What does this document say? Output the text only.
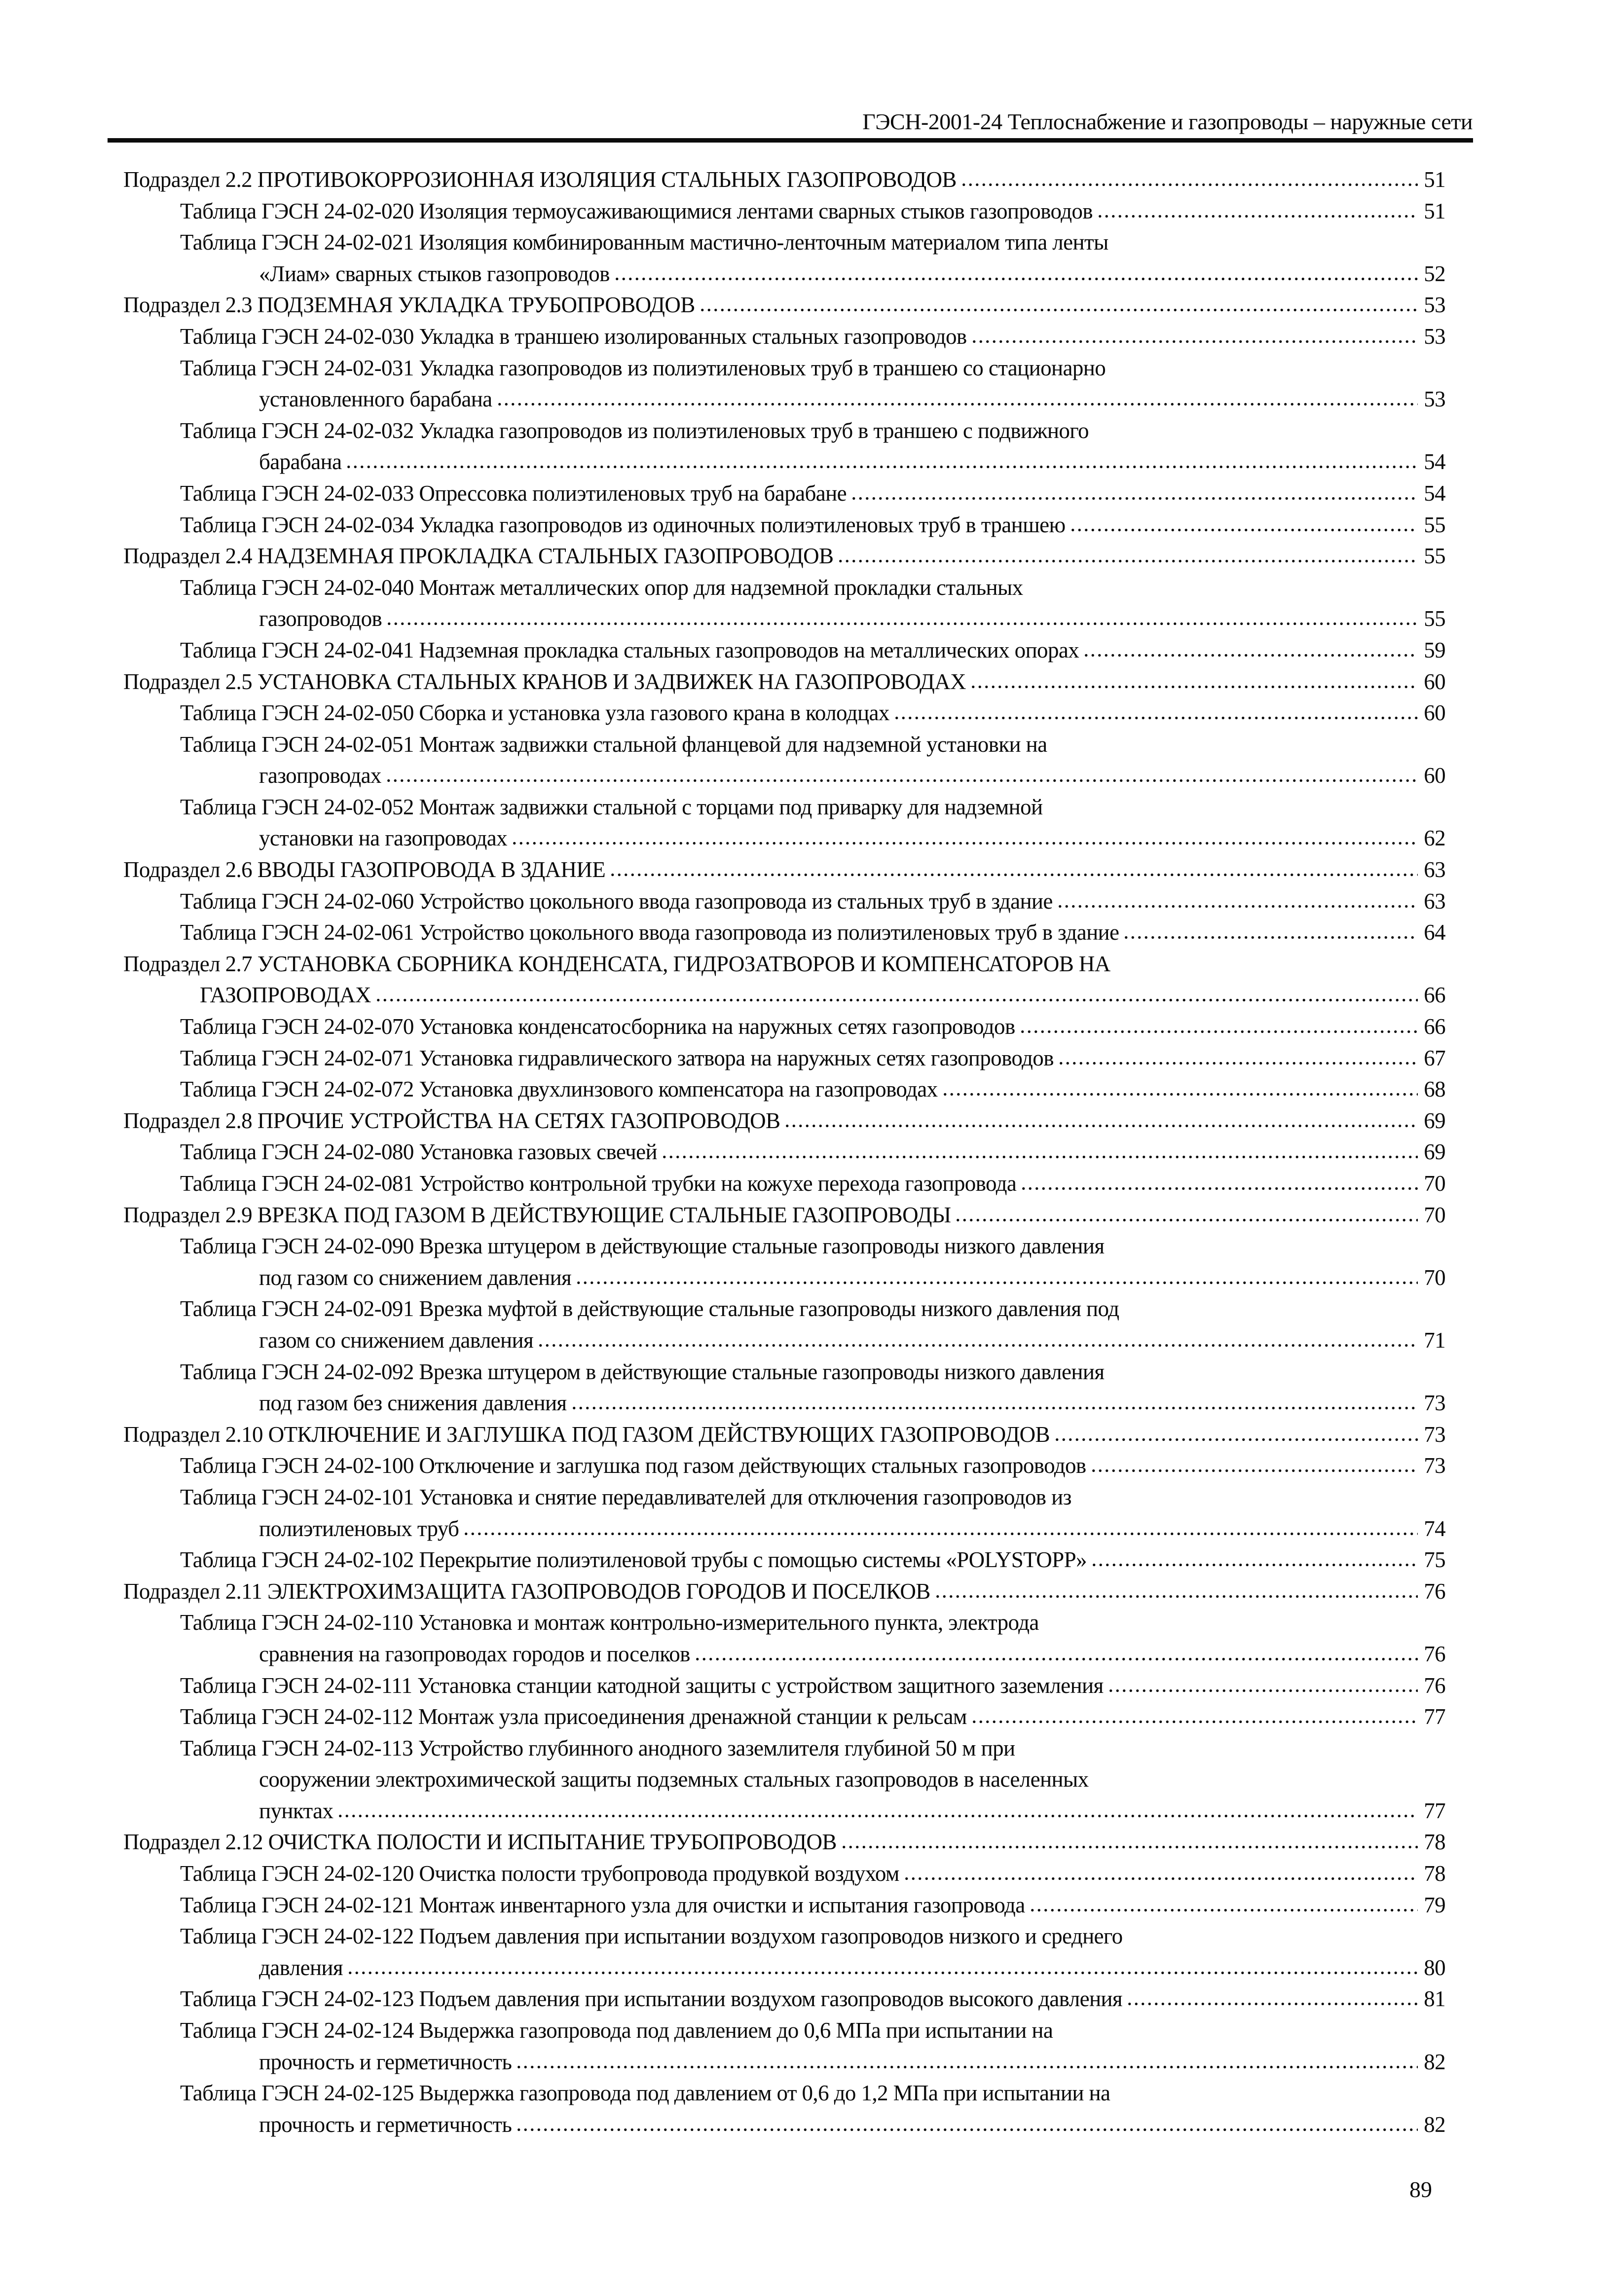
ГЭСН-2001-24 Теплоснабжение и газопроводы – наружные сети
Подраздел 2.2 ПРОТИВОКОРРОЗИОННАЯ ИЗОЛЯЦИЯ СТАЛЬНЫХ ГАЗОПРОВОДОВ	51
Таблица ГЭСН 24-02-020 Изоляция термоусаживающимися лентами сварных стыков газопроводов	51
Таблица ГЭСН 24-02-021 Изоляция комбинированным мастично-ленточным материалом типа ленты
«Лиам» сварных стыков газопроводов	52
Подраздел 2.3 ПОДЗЕМНАЯ УКЛАДКА ТРУБОПРОВОДОВ	53
Таблица ГЭСН 24-02-030 Укладка в траншею изолированных стальных газопроводов	53
Таблица ГЭСН 24-02-031 Укладка газопроводов из полиэтиленовых труб в траншею со стационарно
установленного барабана	53
Таблица ГЭСН 24-02-032 Укладка газопроводов из полиэтиленовых труб в траншею с подвижного
барабана	54
Таблица ГЭСН 24-02-033 Опрессовка полиэтиленовых труб на барабане	54
Таблица ГЭСН 24-02-034 Укладка газопроводов из одиночных полиэтиленовых труб в траншею	55
Подраздел 2.4 НАДЗЕМНАЯ ПРОКЛАДКА СТАЛЬНЫХ ГАЗОПРОВОДОВ	55
Таблица ГЭСН 24-02-040 Монтаж металлических опор для надземной прокладки стальных
газопроводов	55
Таблица ГЭСН 24-02-041 Надземная прокладка стальных газопроводов на металлических опорах	59
Подраздел 2.5 УСТАНОВКА СТАЛЬНЫХ КРАНОВ И ЗАДВИЖЕК НА ГАЗОПРОВОДАХ	60
Таблица ГЭСН 24-02-050 Сборка и установка узла газового крана в колодцах	60
Таблица ГЭСН 24-02-051 Монтаж задвижки стальной фланцевой для надземной установки на
газопроводах	60
Таблица ГЭСН 24-02-052 Монтаж задвижки стальной с торцами под приварку для надземной
установки на газопроводах	62
Подраздел 2.6 ВВОДЫ ГАЗОПРОВОДА В ЗДАНИЕ	63
Таблица ГЭСН 24-02-060 Устройство цокольного ввода газопровода из стальных труб в здание	63
Таблица ГЭСН 24-02-061 Устройство цокольного ввода газопровода из полиэтиленовых труб в здание	64
Подраздел 2.7 УСТАНОВКА СБОРНИКА КОНДЕНСАТА, ГИДРОЗАТВОРОВ И КОМПЕНСАТОРОВ НА
ГАЗОПРОВОДАХ	66
Таблица ГЭСН 24-02-070 Установка конденсатосборника на наружных сетях газопроводов	66
Таблица ГЭСН 24-02-071 Установка гидравлического затвора на наружных сетях газопроводов	67
Таблица ГЭСН 24-02-072 Установка двухлинзового компенсатора на газопроводах	68
Подраздел 2.8 ПРОЧИЕ УСТРОЙСТВА НА СЕТЯХ ГАЗОПРОВОДОВ	69
Таблица ГЭСН 24-02-080 Установка газовых свечей	69
Таблица ГЭСН 24-02-081 Устройство контрольной трубки на кожухе перехода газопровода	70
Подраздел 2.9 ВРЕЗКА ПОД ГАЗОМ В ДЕЙСТВУЮЩИЕ СТАЛЬНЫЕ ГАЗОПРОВОДЫ	70
Таблица ГЭСН 24-02-090 Врезка штуцером в действующие стальные газопроводы низкого давления
под газом со снижением давления	70
Таблица ГЭСН 24-02-091 Врезка муфтой в действующие стальные газопроводы низкого давления под
газом со снижением давления	71
Таблица ГЭСН 24-02-092 Врезка штуцером в действующие стальные газопроводы низкого давления
под газом без снижения давления	73
Подраздел 2.10 ОТКЛЮЧЕНИЕ И ЗАГЛУШКА ПОД ГАЗОМ ДЕЙСТВУЮЩИХ ГАЗОПРОВОДОВ	73
Таблица ГЭСН 24-02-100 Отключение и заглушка под газом действующих стальных газопроводов	73
Таблица ГЭСН 24-02-101 Установка и снятие передавливателей для отключения газопроводов из
полиэтиленовых труб	74
Таблица ГЭСН 24-02-102 Перекрытие полиэтиленовой трубы с помощью системы «POLYSTOPP»	75
Подраздел 2.11 ЭЛЕКТРОХИМЗАЩИТА ГАЗОПРОВОДОВ ГОРОДОВ И ПОСЕЛКОВ	76
Таблица ГЭСН 24-02-110 Установка и монтаж контрольно-измерительного пункта, электрода
сравнения на газопроводах городов и поселков	76
Таблица ГЭСН 24-02-111 Установка станции катодной защиты с устройством защитного заземления	76
Таблица ГЭСН 24-02-112 Монтаж узла присоединения дренажной станции к рельсам	77
Таблица ГЭСН 24-02-113 Устройство глубинного анодного заземлителя глубиной 50 м при
сооружении электрохимической защиты подземных стальных газопроводов в населенных
пунктах	77
Подраздел 2.12 ОЧИСТКА ПОЛОСТИ И ИСПЫТАНИЕ ТРУБОПРОВОДОВ	78
Таблица ГЭСН 24-02-120 Очистка полости трубопровода продувкой воздухом	78
Таблица ГЭСН 24-02-121 Монтаж инвентарного узла для очистки и испытания газопровода	79
Таблица ГЭСН 24-02-122 Подъем давления при испытании воздухом газопроводов низкого и среднего
давления	80
Таблица ГЭСН 24-02-123 Подъем давления при испытании воздухом газопроводов высокого давления	81
Таблица ГЭСН 24-02-124 Выдержка газопровода под давлением до 0,6 МПа при испытании на
прочность и герметичность	82
Таблица ГЭСН 24-02-125 Выдержка газопровода под давлением от 0,6 до 1,2 МПа при испытании на
прочность и герметичность	82
89
